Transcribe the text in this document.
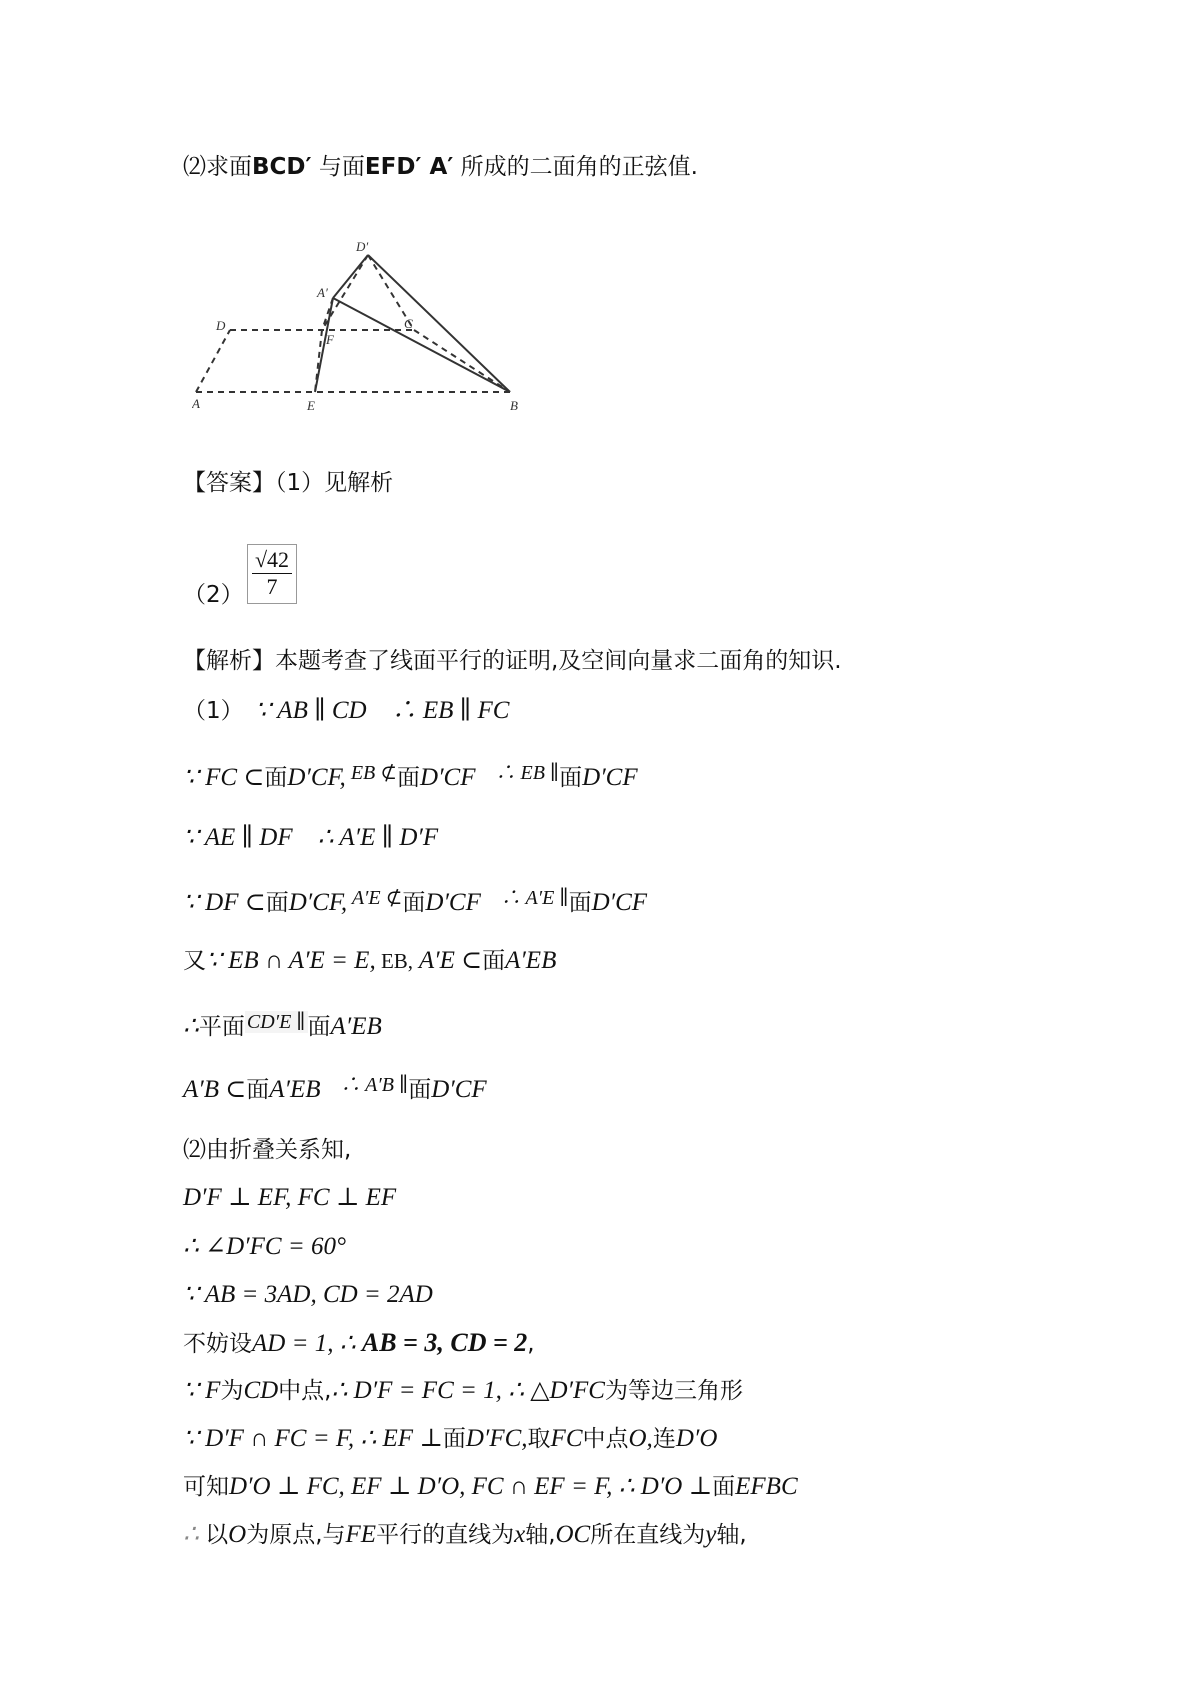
⑵求面BCD′ 与面EFD′ A′ 所成的二面角的正弦值.
D′
A′
D	C
F
A	E	B
【答案】（1）见解析
$(2) \frac{√42}{7}$
【解析】本题考查了线面平行的证明,及空间向量求二面角的知识.
（1）　∵ AB ∥ CD　∴ EB ∥ FC
∵ FC ⊂面D′CF, EB ⊄面D′CF　∴ EB ∥面D′CF
∵ AE ∥ DF　∴ A′E ∥ D′F
∵ DF ⊂面D′CF, A′E ⊄面D′CF　∴ A′E ∥面D′CF
又∵ EB ∩ A′E = E, EB, A′E ⊂面A′EB
∴平面 CD′E ∥面A′EB
A′B ⊂面A′EB　∴ A′B ∥面D′CF
⑵由折叠关系知,
D′F ⊥ EF, FC ⊥ EF
∴ ∠D′FC = 60°
∵ AB = 3AD, CD = 2AD
不妨设AD = 1, ∴ AB = 3, CD = 2,
∵ F为CD中点,∴ D′F = FC = 1, ∴ △D′FC为等边三角形
∵ D′F ∩ FC = F, ∴ EF ⊥面D′FC,取FC中点O,连D′O
可知D′O ⊥ FC, EF ⊥ D′O, FC ∩ EF = F, ∴ D′O ⊥面EFBC
∴ 以O为原点,与FE平行的直线为x轴,OC所在直线为y轴,
